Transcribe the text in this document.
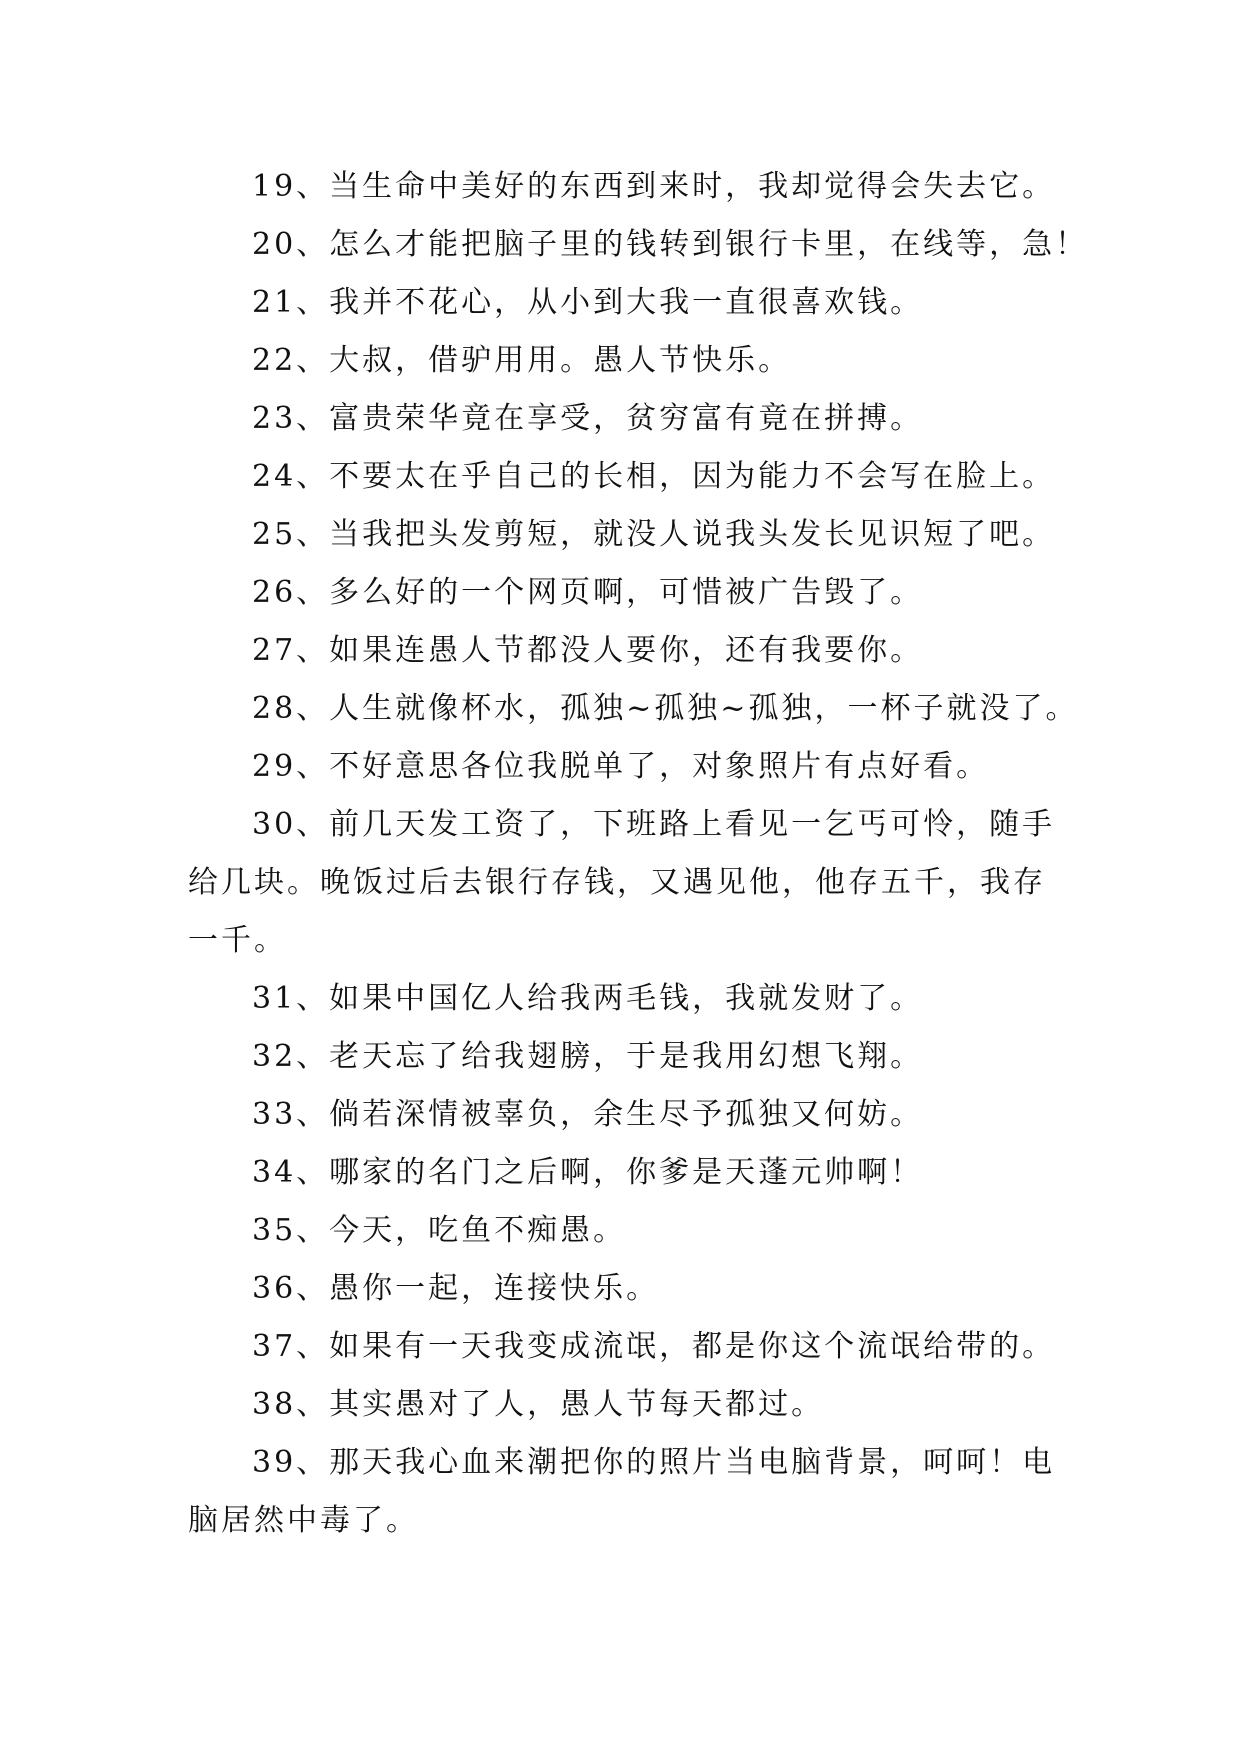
19、当生命中美好的东西到来时，我却觉得会失去它。

20、怎么才能把脑子里的钱转到银行卡里，在线等，急！

21、我并不花心，从小到大我一直很喜欢钱。

22、大叔，借驴用用。愚人节快乐。

23、富贵荣华竟在享受，贫穷富有竟在拼搏。

24、不要太在乎自己的长相，因为能力不会写在脸上。

25、当我把头发剪短，就没人说我头发长见识短了吧。

26、多么好的一个网页啊，可惜被广告毁了。

27、如果连愚人节都没人要你，还有我要你。

28、人生就像杯水，孤独~孤独~孤独，一杯子就没了。

29、不好意思各位我脱单了，对象照片有点好看。

30、前几天发工资了，下班路上看见一乞丐可怜，随手给几块。晚饭过后去银行存钱，又遇见他，他存五千，我存一千。

31、如果中国亿人给我两毛钱，我就发财了。

32、老天忘了给我翅膀，于是我用幻想飞翔。

33、倘若深情被辜负，余生尽予孤独又何妨。

34、哪家的名门之后啊，你爹是天蓬元帅啊！

35、今天，吃鱼不痴愚。

36、愚你一起，连接快乐。

37、如果有一天我变成流氓，都是你这个流氓给带的。

38、其实愚对了人，愚人节每天都过。

39、那天我心血来潮把你的照片当电脑背景，呵呵！电脑居然中毒了。
